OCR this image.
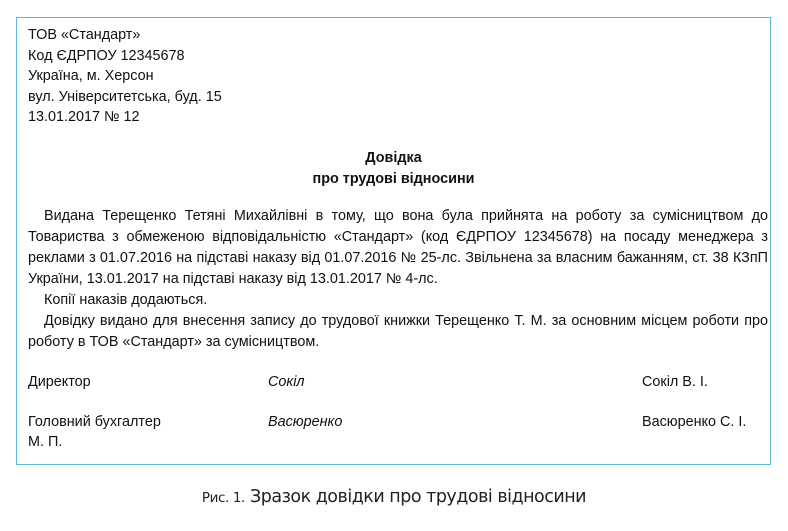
ТОВ «Стандарт»
Код ЄДРПОУ 12345678
Україна, м. Херсон
вул. Університетська, буд. 15
13.01.2017 № 12
Довідка
про трудові відносини

Видана Терещенко Тетяні Михайлівні в тому, що вона була прийнята на роботу за сумісництвом до Товариства з обмеженою відповідальністю «Стандарт» (код ЄДРПОУ 12345678) на посаду менеджера з реклами з 01.07.2016 на підставі наказу від 01.07.2016 № 25-лс. Звільнена за власним бажанням, ст. 38 КЗпП України, 13.01.2017 на підставі наказу від 13.01.2017 № 4-лс.

Копії наказів додаються.

Довідку видано для внесення запису до трудової книжки Терещенко Т. М. за основним місцем роботи про роботу в ТОВ «Стандарт» за сумісництвом.

Директор	Сокіл	Сокіл В. І.
Головний бухгалтер	Васюренко	Васюренко С. І.
М. П.
Рис. 1. Зразок довідки про трудові відносини
